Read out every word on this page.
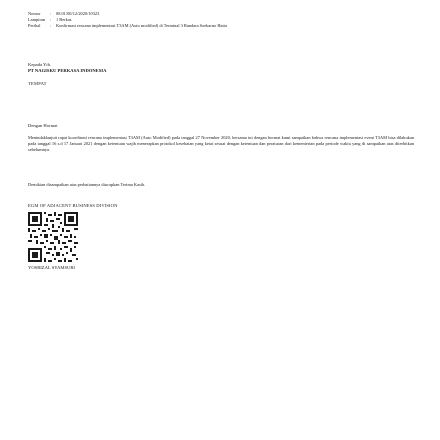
Nomor	:	08.01/00/12/2020/10323
Lampiran	:	1 Berkas
Perihal	:	Konfirmasi rencana implementasi T3AM (Auto modified) di Terminal 3 Bandara Soekarno Hatta
Kepada Yth.
PT NAGISKU PERKASA INDONESIA
TEMPAT
Dengan Hormat
Menindaklanjuti rapat koordinasi rencana implementasi T3AM (Auto Modified) pada tanggal 27 November 2020, bersama ini dengan hormat kami sampaikan bahwa rencana implementasi event T3AM bisa dilakukan pada tanggal 16 s.d 17 Januari 2021 dengan ketentuan wajib menerapkan protokol kesehatan yang ketat sesuai dengan ketentuan dan peraturan dari kementerian pada periode waktu yang di sampaikan atas diterbitkan sebelumnya.
Demikian disampaikan atas perhatiannya diucapkan Terima Kasih.
EGM OF ADJACENT BUSINESS DIVISION
YOSRIZAL SYAMSURI
